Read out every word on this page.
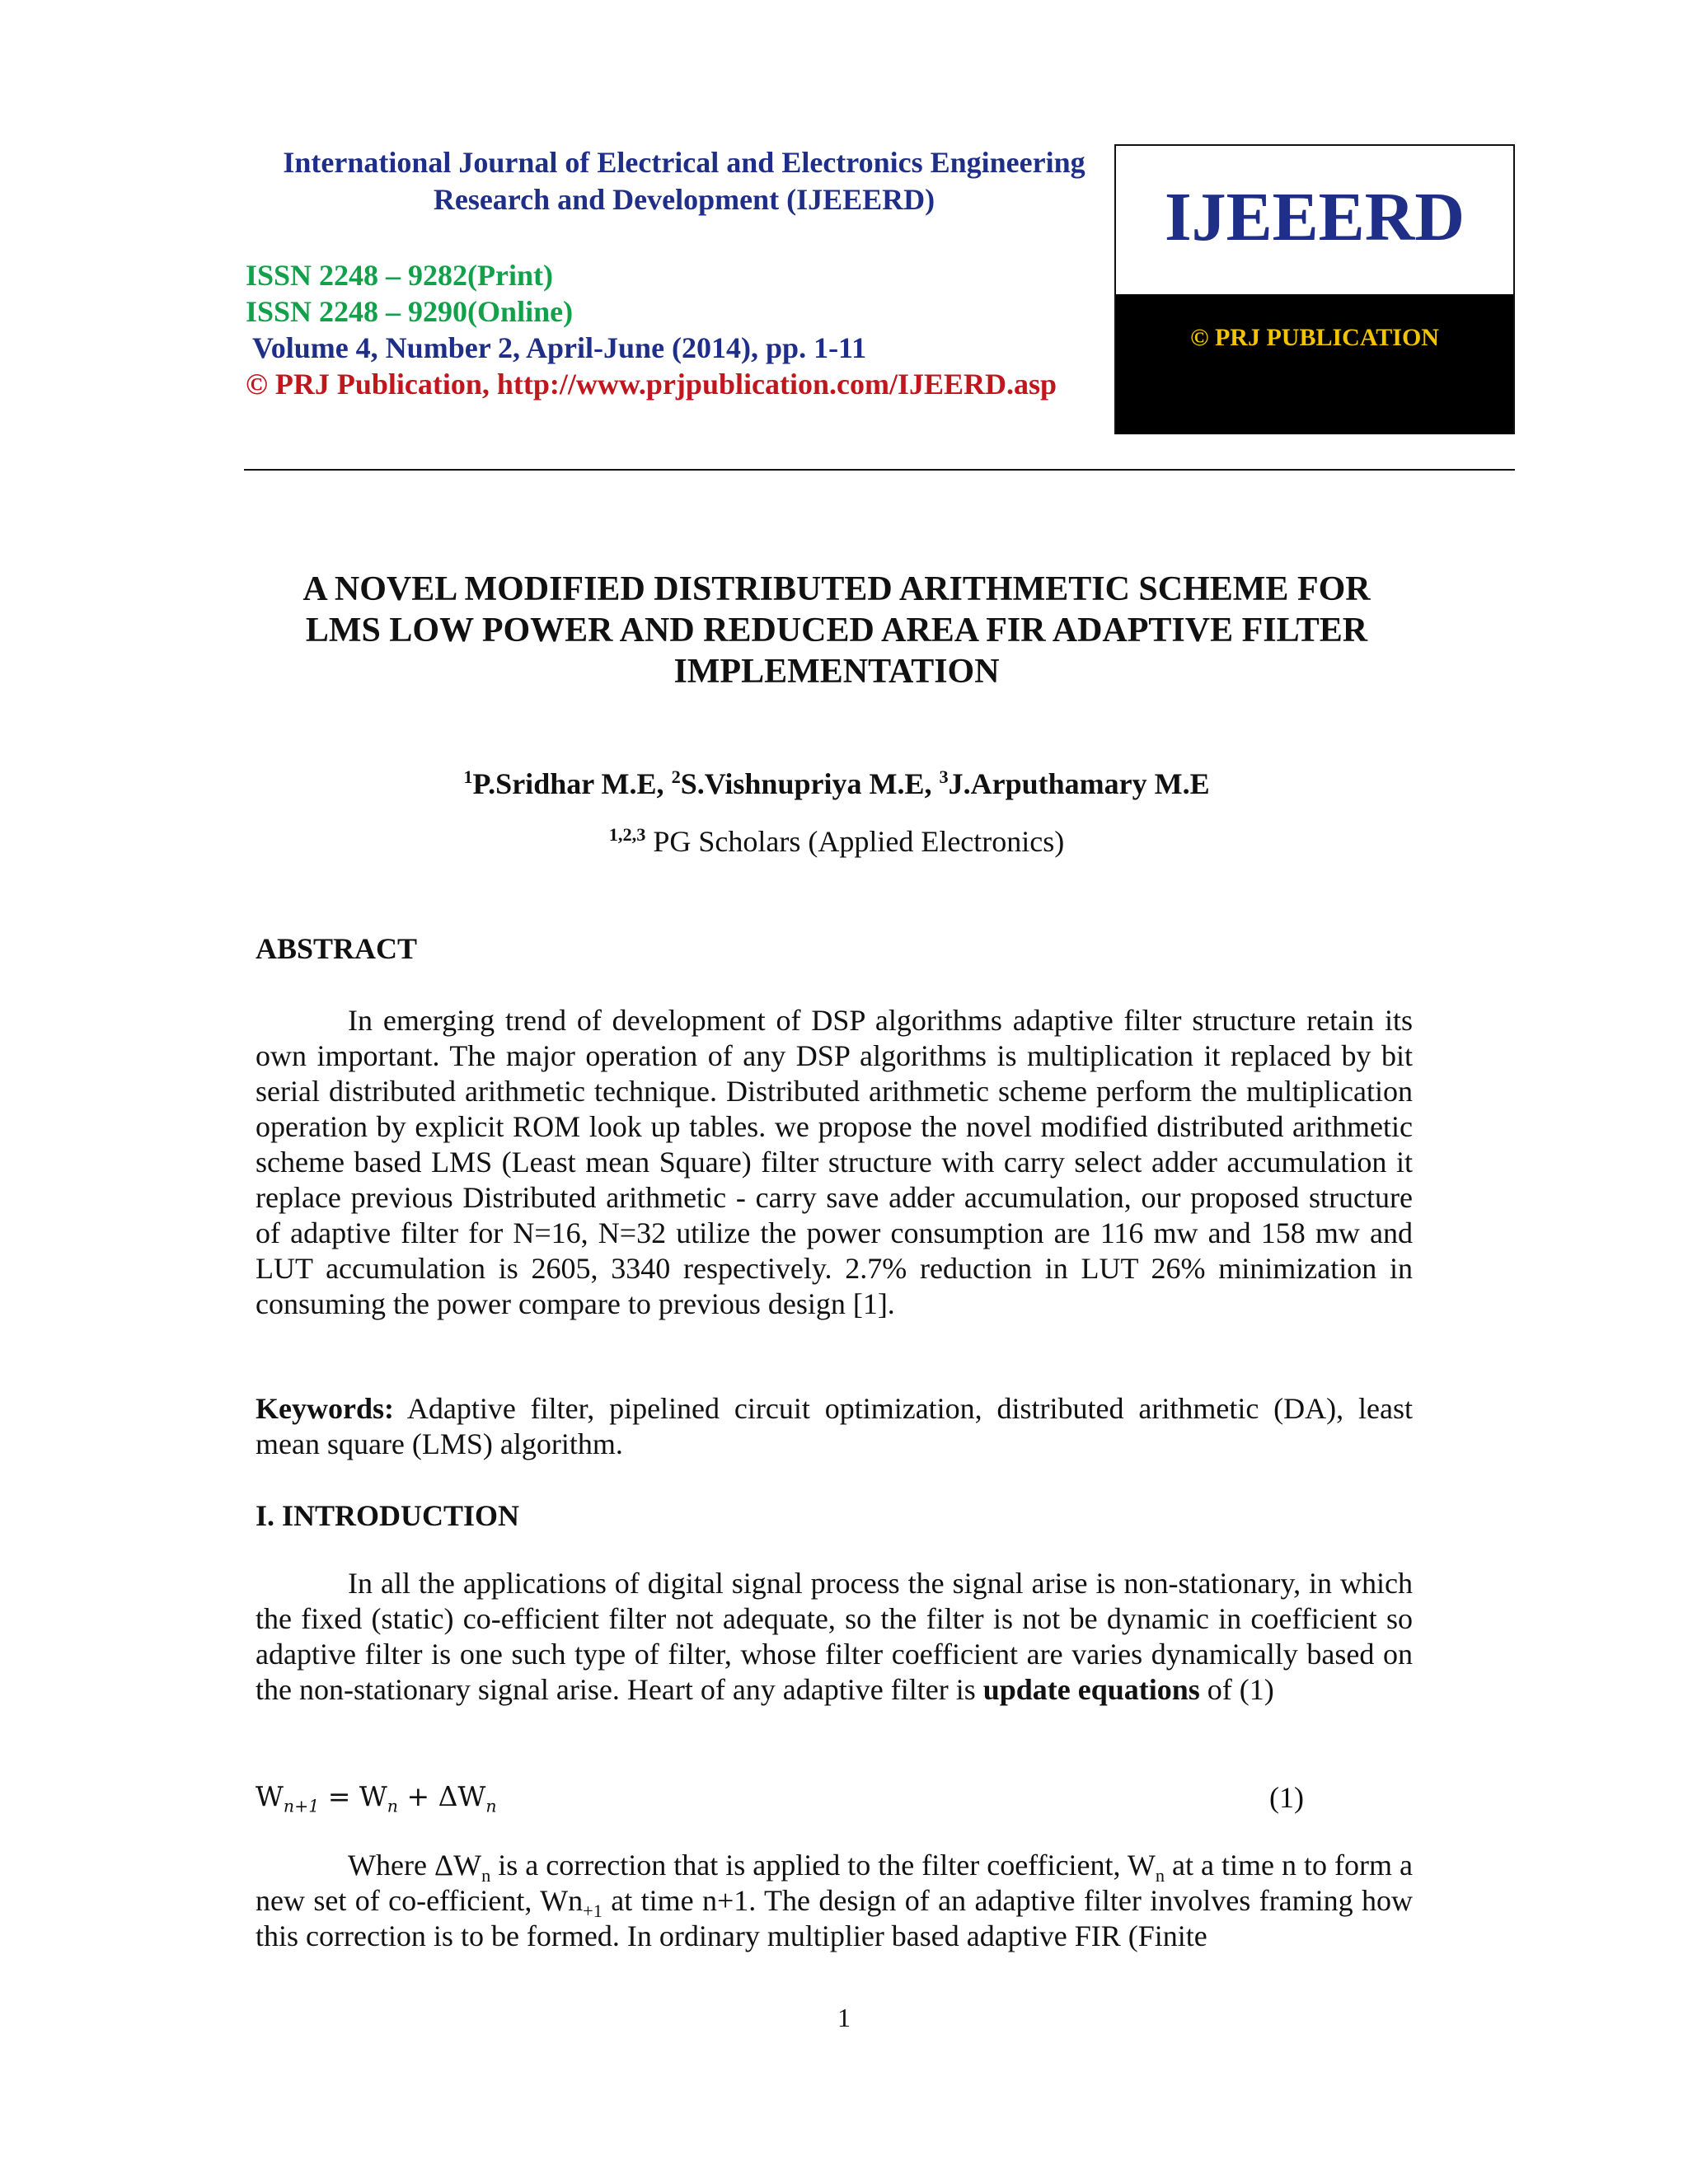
International Journal of Electrical and Electronics Engineering
Research and Development (IJEEERD)
ISSN 2248 – 9282(Print)
ISSN 2248 – 9290(Online)
Volume 4, Number 2, April-June (2014), pp. 1-11
© PRJ Publication, http://www.prjpublication.com/IJEERD.asp
IJEEERD
© PRJ PUBLICATION
A NOVEL MODIFIED DISTRIBUTED ARITHMETIC SCHEME FOR
LMS LOW POWER AND REDUCED AREA FIR ADAPTIVE FILTER
IMPLEMENTATION
$^1$P.Sridhar M.E, $^2$S.Vishnupriya M.E, $^3$J.Arputhamary M.E
$^{1,2,3}$ PG Scholars (Applied Electronics)
ABSTRACT
In emerging trend of development of DSP algorithms adaptive filter structure retain its own important. The major operation of any DSP algorithms is multiplication it replaced by bit serial distributed arithmetic technique. Distributed arithmetic scheme perform the multiplication operation by explicit ROM look up tables. we propose the novel modified distributed arithmetic scheme based LMS (Least mean Square) filter structure with carry select adder accumulation it replace previous Distributed arithmetic - carry save adder accumulation, our proposed structure of adaptive filter for N=16, N=32 utilize the power consumption are 116 mw and 158 mw and LUT accumulation is 2605, 3340 respectively. 2.7% reduction in LUT 26% minimization in consuming the power compare to previous design [1].
Keywords: Adaptive filter, pipelined circuit optimization, distributed arithmetic (DA), least mean square (LMS) algorithm.
I. INTRODUCTION
In all the applications of digital signal process the signal arise is non-stationary, in which the fixed (static) co-efficient filter not adequate, so the filter is not be dynamic in coefficient so adaptive filter is one such type of filter, whose filter coefficient are varies dynamically based on the non-stationary signal arise. Heart of any adaptive filter is update equations of (1)
$W_{n+1} = W_n + \Delta W_n$	(1)
Where $\Delta W_n$ is a correction that is applied to the filter coefficient, $W_n$ at a time n to form a new set of co-efficient, $Wn_{+1}$ at time n+1. The design of an adaptive filter involves framing how this correction is to be formed. In ordinary multiplier based adaptive FIR (Finite
1
